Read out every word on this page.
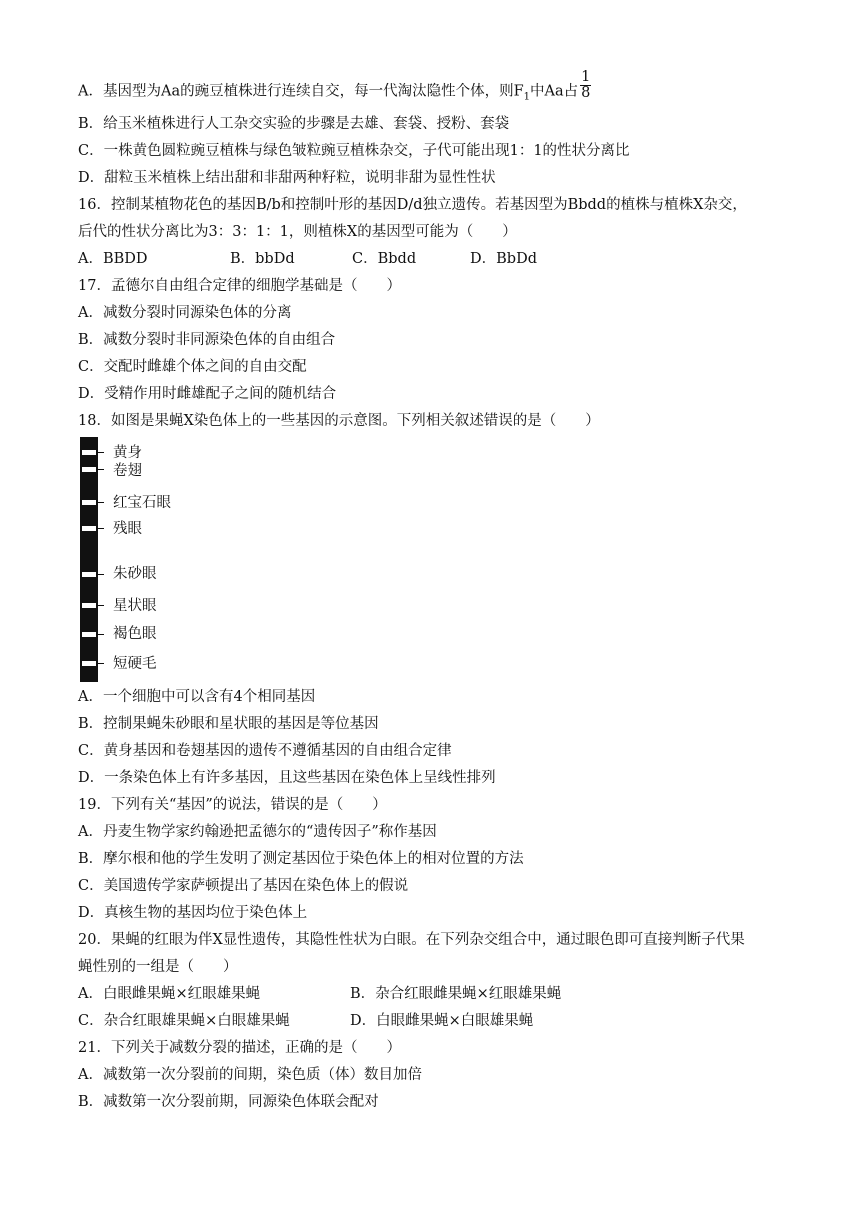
A．基因型为Aa的豌豆植株进行连续自交，每一代淘汰隐性个体，则$F_1$中Aa占 $\frac{1}{8}$
B．给玉米植株进行人工杂交实验的步骤是去雄、套袋、授粉、套袋
C．一株黄色圆粒豌豆植株与绿色皱粒豌豆植株杂交，子代可能出现1：1的性状分离比
D．甜粒玉米植株上结出甜和非甜两种籽粒，说明非甜为显性性状
16．控制某植物花色的基因B/b和控制叶形的基因D/d独立遗传。若基因型为Bbdd的植株与植株X杂交，
后代的性状分离比为3：3：1：1，则植株X的基因型可能为（　　）
A．BBDD	B．bbDd	C．Bbdd	D．BbDd
17．孟德尔自由组合定律的细胞学基础是（　　）
A．减数分裂时同源染色体的分离
B．减数分裂时非同源染色体的自由组合
C．交配时雌雄个体之间的自由交配
D．受精作用时雌雄配子之间的随机结合
18．如图是果蝇X染色体上的一些基因的示意图。下列相关叙述错误的是（　　）
黄身
卷翅
红宝石眼
残眼
朱砂眼
星状眼
褐色眼
短硬毛
A．一个细胞中可以含有4个相同基因
B．控制果蝇朱砂眼和星状眼的基因是等位基因
C．黄身基因和卷翅基因的遗传不遵循基因的自由组合定律
D．一条染色体上有许多基因，且这些基因在染色体上呈线性排列
19．下列有关“基因”的说法，错误的是（　　）
A．丹麦生物学家约翰逊把孟德尔的“遗传因子”称作基因
B．摩尔根和他的学生发明了测定基因位于染色体上的相对位置的方法
C．美国遗传学家萨顿提出了基因在染色体上的假说
D．真核生物的基因均位于染色体上
20．果蝇的红眼为伴X显性遗传，其隐性性状为白眼。在下列杂交组合中，通过眼色即可直接判断子代果
蝇性别的一组是（　　）
A．白眼雌果蝇×红眼雄果蝇	B．杂合红眼雌果蝇×红眼雄果蝇
C．杂合红眼雄果蝇×白眼雄果蝇	D．白眼雌果蝇×白眼雄果蝇
21．下列关于减数分裂的描述，正确的是（　　）
A．减数第一次分裂前的间期，染色质（体）数目加倍
B．减数第一次分裂前期，同源染色体联会配对
